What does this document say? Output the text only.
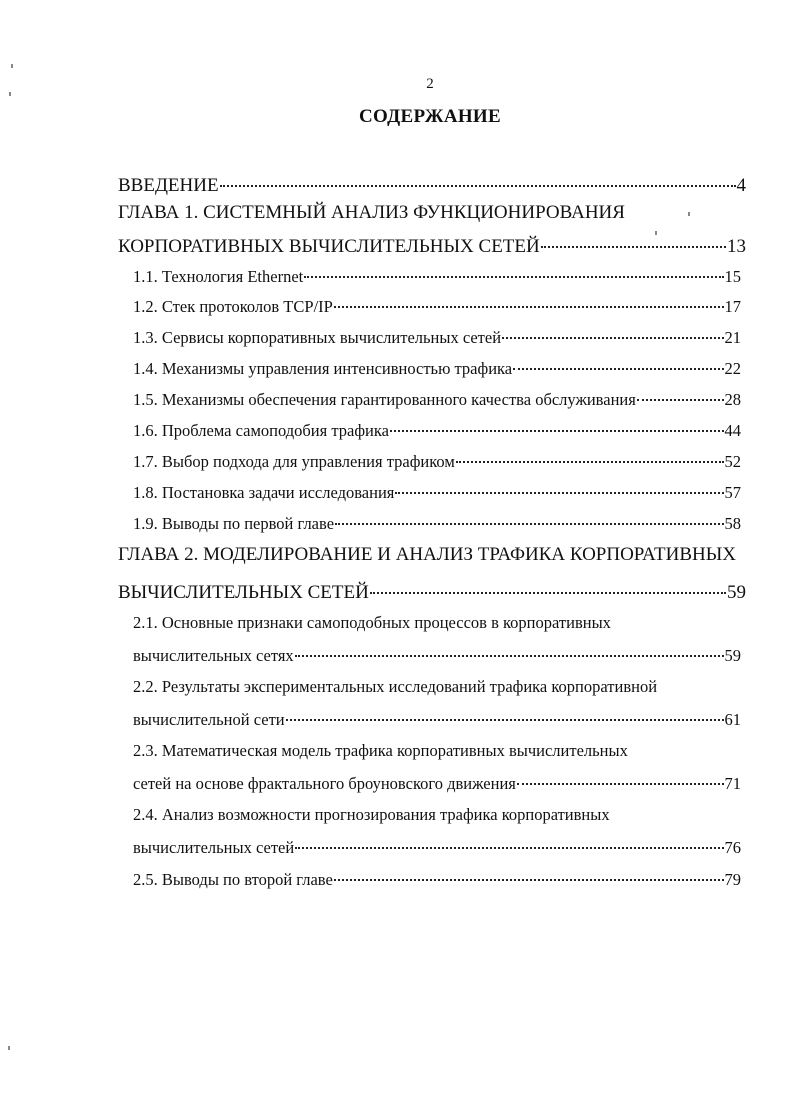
2
СОДЕРЖАНИЕ
ВВЕДЕНИЕ	4
ГЛАВА 1. СИСТЕМНЫЙ АНАЛИЗ ФУНКЦИОНИРОВАНИЯ
КОРПОРАТИВНЫХ ВЫЧИСЛИТЕЛЬНЫХ СЕТЕЙ	13
1.1. Технология Ethernet	15
1.2. Стек протоколов TCP/IP	17
1.3. Сервисы корпоративных вычислительных сетей	21
1.4. Механизмы управления интенсивностью трафика	22
1.5. Механизмы обеспечения гарантированного качества обслуживания	28
1.6. Проблема самоподобия трафика	44
1.7. Выбор подхода для управления трафиком	52
1.8. Постановка задачи исследования	57
1.9. Выводы по первой главе	58
ГЛАВА 2. МОДЕЛИРОВАНИЕ И АНАЛИЗ ТРАФИКА КОРПОРАТИВНЫХ
ВЫЧИСЛИТЕЛЬНЫХ СЕТЕЙ	59
2.1. Основные признаки самоподобных процессов в корпоративных
вычислительных сетях	59
2.2. Результаты экспериментальных исследований трафика корпоративной
вычислительной сети	61
2.3. Математическая модель трафика корпоративных вычислительных
сетей на основе фрактального броуновского движения	71
2.4. Анализ возможности прогнозирования трафика корпоративных
вычислительных сетей	76
2.5. Выводы по второй главе	79
